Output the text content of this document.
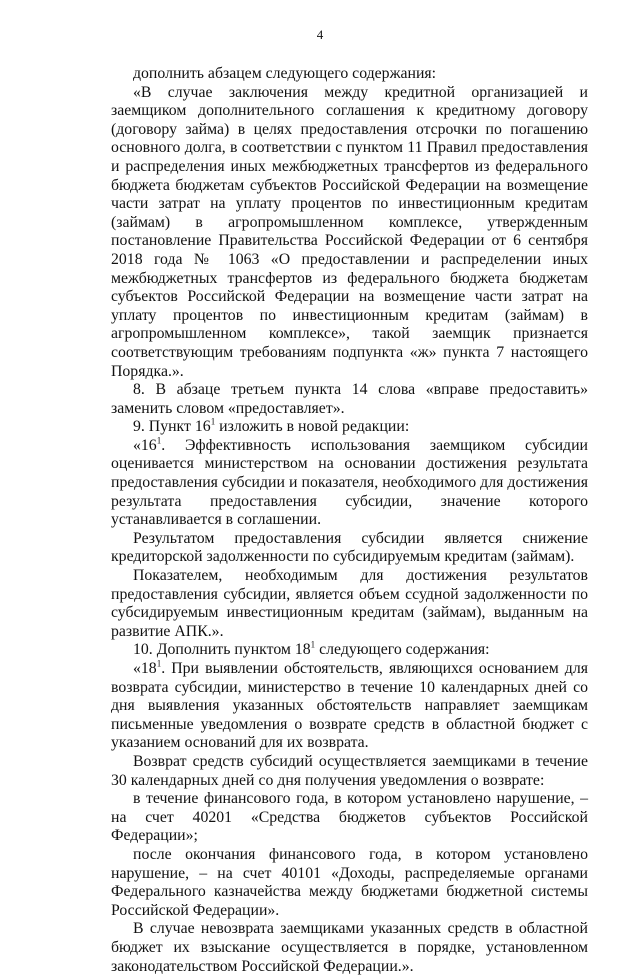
4

дополнить абзацем следующего содержания:

«В случае заключения между кредитной организацией и заемщиком дополнительного соглашения к кредитному договору (договору займа) в целях предоставления отсрочки по погашению основного долга, в соответствии с пунктом 11 Правил предоставления и распределения иных межбюджетных трансфертов из федерального бюджета бюджетам субъектов Российской Федерации на возмещение части затрат на уплату процентов по инвестиционным кредитам (займам) в агропромышленном комплексе, утвержденным постановление Правительства Российской Федерации от 6 сентября 2018 года № 1063 «О предоставлении и распределении иных межбюджетных трансфертов из федерального бюджета бюджетам субъектов Российской Федерации на возмещение части затрат на уплату процентов по инвестиционным кредитам (займам) в агропромышленном комплексе», такой заемщик признается соответствующим требованиям подпункта «ж» пункта 7 настоящего Порядка.».

8. В абзаце третьем пункта 14 слова «вправе предоставить» заменить словом «предоставляет».

9. Пункт $16^1$ изложить в новой редакции:

«$16^1$. Эффективность использования заемщиком субсидии оценивается министерством на основании достижения результата предоставления субсидии и показателя, необходимого для достижения результата предоставления субсидии, значение которого устанавливается в соглашении.

Результатом предоставления субсидии является снижение кредиторской задолженности по субсидируемым кредитам (займам).

Показателем, необходимым для достижения результатов предоставления субсидии, является объем ссудной задолженности по субсидируемым инвестиционным кредитам (займам), выданным на развитие АПК.».

10. Дополнить пунктом $18^1$ следующего содержания:

«$18^1$. При выявлении обстоятельств, являющихся основанием для возврата субсидии, министерство в течение 10 календарных дней со дня выявления указанных обстоятельств направляет заемщикам письменные уведомления о возврате средств в областной бюджет с указанием оснований для их возврата.

Возврат средств субсидий осуществляется заемщиками в течение 30 календарных дней со дня получения уведомления о возврате:

в течение финансового года, в котором установлено нарушение, – на счет 40201 «Средства бюджетов субъектов Российской Федерации»;

после окончания финансового года, в котором установлено нарушение, – на счет 40101 «Доходы, распределяемые органами Федерального казначейства между бюджетами бюджетной системы Российской Федерации».

В случае невозврата заемщиками указанных средств в областной бюджет их взыскание осуществляется в порядке, установленном законодательством Российской Федерации.».
